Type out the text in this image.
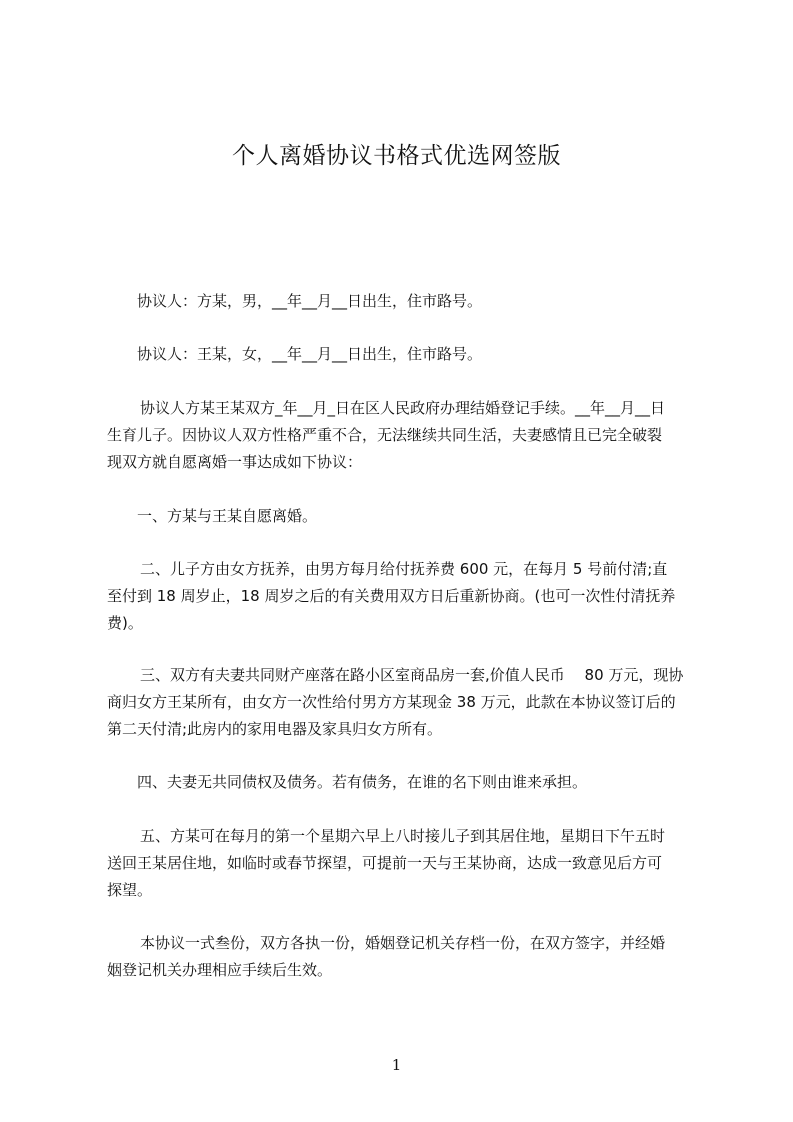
个人离婚协议书格式优选网签版
协议人：方某，男，__年__月__日出生，住市路号。
协议人：王某，女，__年__月__日出生，住市路号。
协议人方某王某双方_年__月_日在区人民政府办理结婚登记手续。__年__月__日
生育儿子。因协议人双方性格严重不合，无法继续共同生活，夫妻感情且已完全破裂
现双方就自愿离婚一事达成如下协议：
一、方某与王某自愿离婚。
二、儿子方由女方抚养，由男方每月给付抚养费 600 元，在每月 5 号前付清;直
至付到 18 周岁止，18 周岁之后的有关费用双方日后重新协商。(也可一次性付清抚养
费)。
三、双方有夫妻共同财产座落在路小区室商品房一套,价值人民币　 80 万元，现协
商归女方王某所有，由女方一次性给付男方方某现金 38 万元，此款在本协议签订后的
第二天付清;此房内的家用电器及家具归女方所有。
四、夫妻无共同债权及债务。若有债务，在谁的名下则由谁来承担。
五、方某可在每月的第一个星期六早上八时接儿子到其居住地，星期日下午五时
送回王某居住地，如临时或春节探望，可提前一天与王某协商，达成一致意见后方可
探望。
本协议一式叁份，双方各执一份，婚姻登记机关存档一份，在双方签字，并经婚
姻登记机关办理相应手续后生效。
1
